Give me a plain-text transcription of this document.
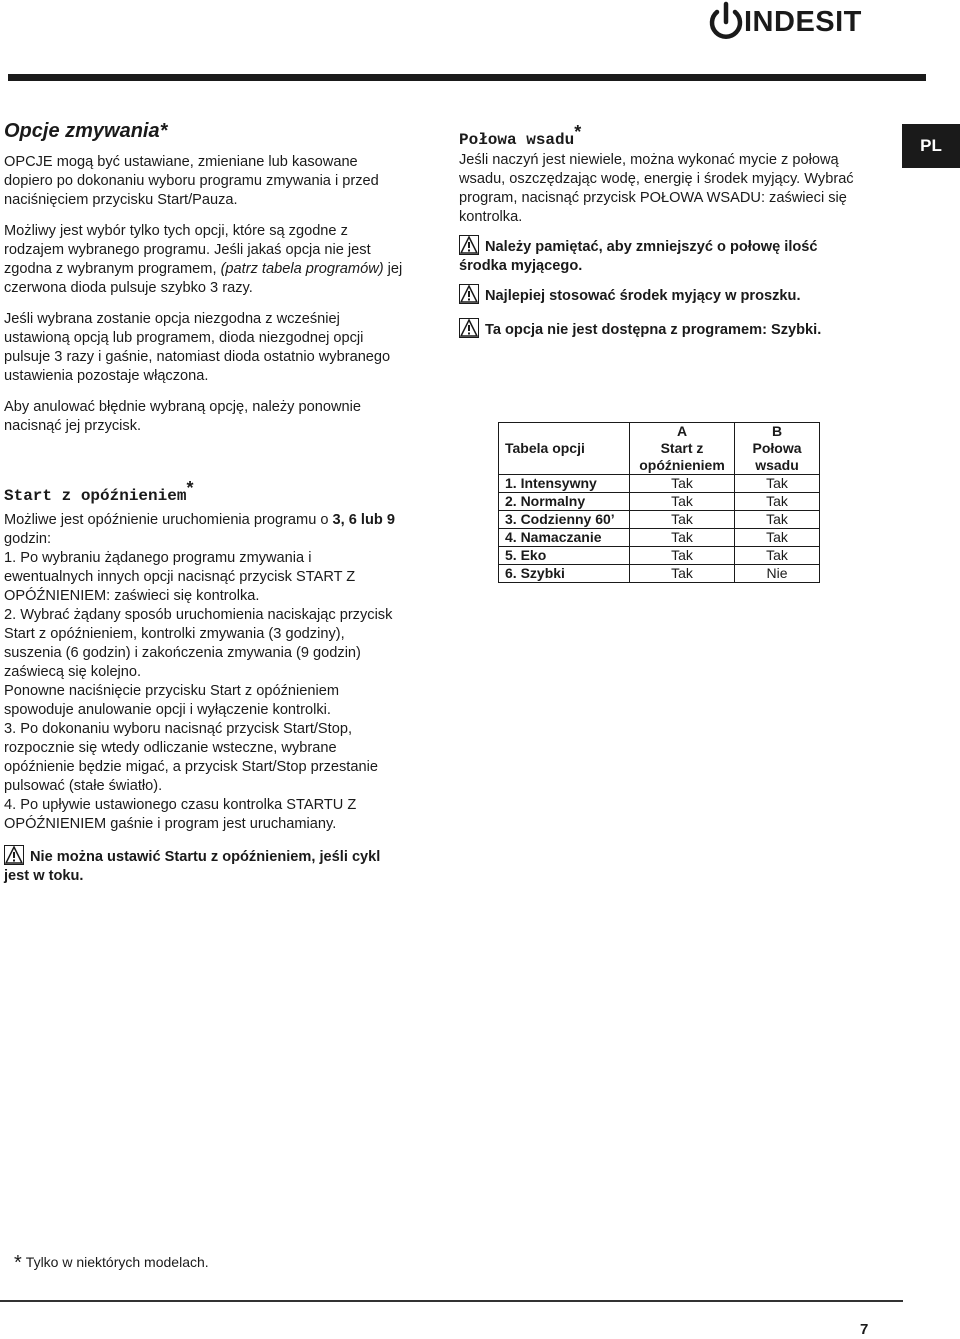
INDESIT
PL
Opcje zmywania*

OPCJE mogą być ustawiane, zmieniane lub kasowane dopiero po dokonaniu wyboru programu zmywania i przed naciśnięciem przycisku Start/Pauza.

Możliwy jest wybór tylko tych opcji, które są zgodne z rodzajem wybranego programu. Jeśli jakaś opcja nie jest zgodna z wybranym programem, (patrz tabela programów) jej czerwona dioda pulsuje szybko 3 razy.

Jeśli wybrana zostanie opcja niezgodna z wcześniej ustawioną opcją lub programem, dioda niezgodnej opcji pulsuje 3 razy i gaśnie, natomiast dioda ostatnio wybranego ustawienia pozostaje włączona.

Aby anulować błędnie wybraną opcję, należy ponownie nacisnąć jej przycisk.

Start z opóźnieniem*

Możliwe jest opóźnienie uruchomienia programu o 3, 6 lub 9 godzin:

1. Po wybraniu żądanego programu zmywania i ewentualnych innych opcji nacisnąć przycisk START Z OPÓŹNIENIEM: zaświeci się kontrolka.

2. Wybrać żądany sposób uruchomienia naciskając przycisk Start z opóźnieniem, kontrolki zmywania (3 godziny), suszenia (6 godzin) i zakończenia zmywania (9 godzin) zaświecą się kolejno.

Ponowne naciśnięcie przycisku Start z opóźnieniem spowoduje anulowanie opcji i wyłączenie kontrolki.

3. Po dokonaniu wyboru nacisnąć przycisk Start/Stop, rozpocznie się wtedy odliczanie wsteczne, wybrane opóźnienie będzie migać, a przycisk Start/Stop przestanie pulsować (stałe światło).

4. Po upływie ustawionego czasu kontrolka STARTU Z OPÓŹNIENIEM gaśnie i program jest uruchamiany.

Nie można ustawić Startu z opóźnieniem, jeśli cykl jest w toku.

Połowa wsadu*

Jeśli naczyń jest niewiele, można wykonać mycie z połową wsadu, oszczędzając wodę, energię i środek myjący. Wybrać program, nacisnąć przycisk POŁOWA WSADU: zaświeci się kontrolka.

Należy pamiętać, aby zmniejszyć o połowę ilość środka myjącego.

Najlepiej stosować środek myjący w proszku.

Ta opcja nie jest dostępna z programem: Szybki.

Tabela opcji	A	B
	Start z opóźnieniem	Połowa wsadu

1. Intensywny	Tak	Tak
2. Normalny	Tak	Tak
3. Codzienny 60’	Tak	Tak
4. Namaczanie	Tak	Tak
5. Eko	Tak	Tak
6. Szybki	Tak	Nie
* Tylko w niektórych modelach.
7
